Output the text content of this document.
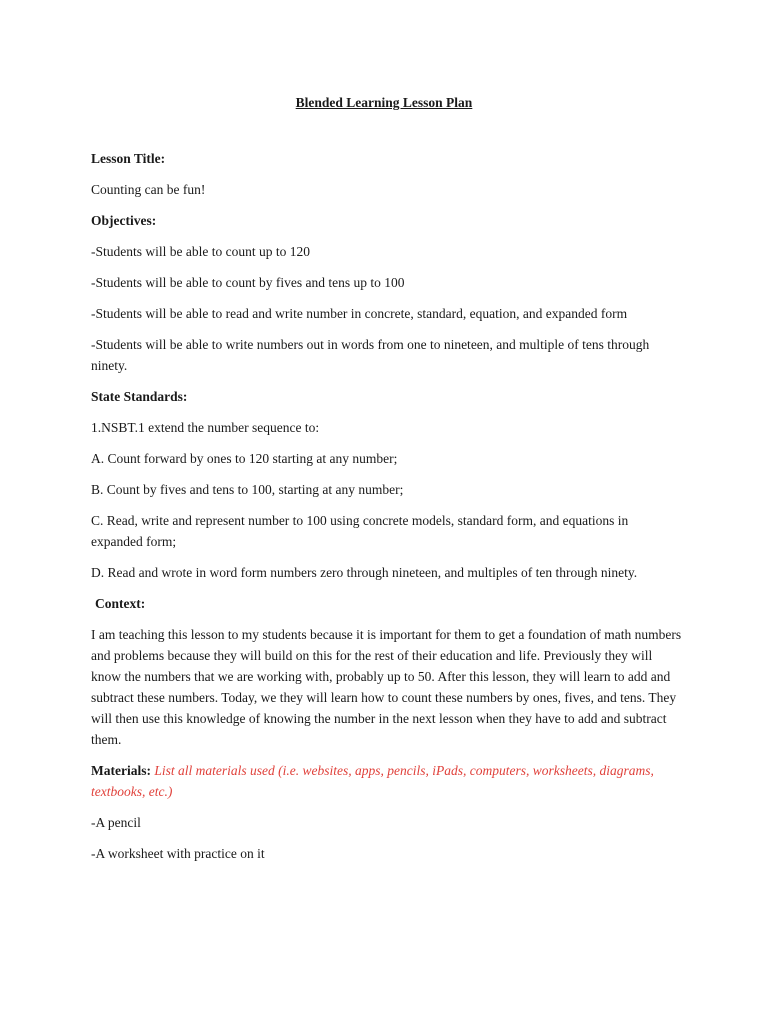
Blended Learning Lesson Plan

Lesson Title:

Counting can be fun!

Objectives:

-Students will be able to count up to 120

-Students will be able to count by fives and tens up to 100

-Students will be able to read and write number in concrete, standard, equation, and expanded form

-Students will be able to write numbers out in words from one to nineteen, and multiple of tens through ninety.

State Standards:

1.NSBT.1 extend the number sequence to:

A. Count forward by ones to 120 starting at any number;

B. Count by fives and tens to 100, starting at any number;

C. Read, write and represent number to 100 using concrete models, standard form, and equations in expanded form;

D. Read and wrote in word form numbers zero through nineteen, and multiples of ten through ninety.

Context:

I am teaching this lesson to my students because it is important for them to get a foundation of math numbers and problems because they will build on this for the rest of their education and life. Previously they will know the numbers that we are working with, probably up to 50. After this lesson, they will learn to add and subtract these numbers. Today, we they will learn how to count these numbers by ones, fives, and tens. They will then use this knowledge of knowing the number in the next lesson when they have to add and subtract them.

Materials: List all materials used (i.e. websites, apps, pencils, iPads, computers, worksheets, diagrams, textbooks, etc.)

-A pencil

-A worksheet with practice on it
